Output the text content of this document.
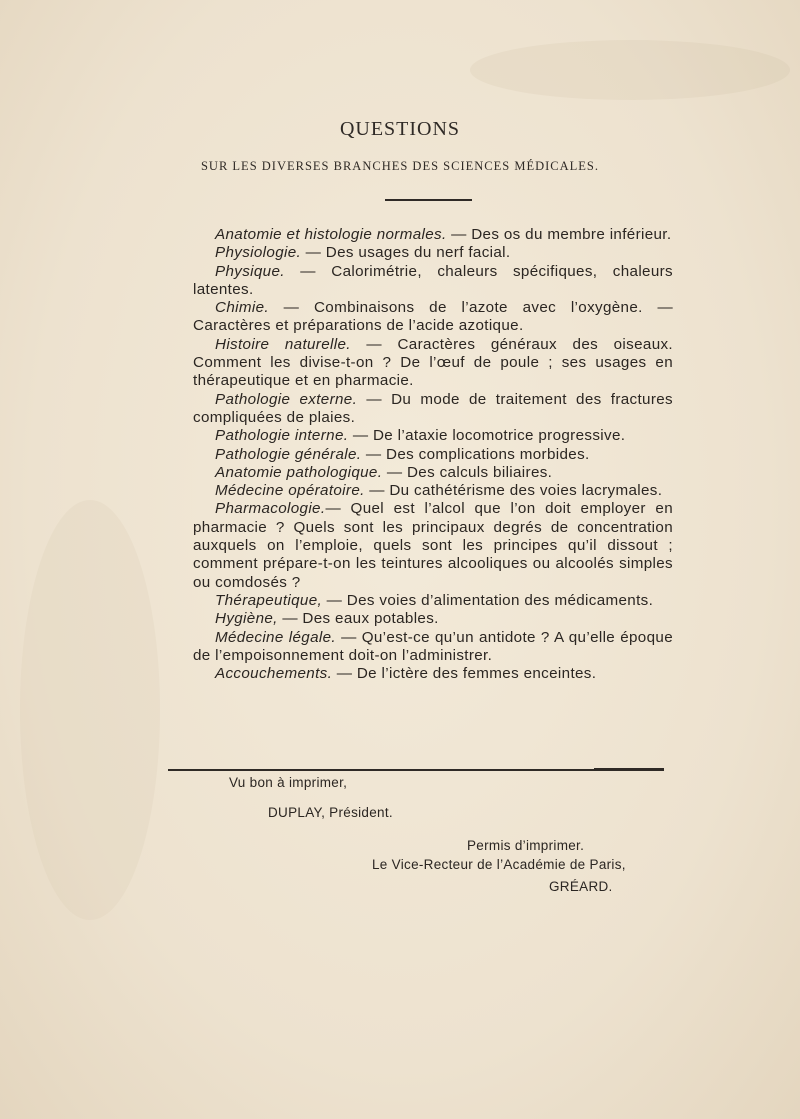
QUESTIONS
SUR LES DIVERSES BRANCHES DES SCIENCES MÉDICALES.

Anatomie et histologie normales. — Des os du membre inférieur.

Physiologie. — Des usages du nerf facial.

Physique. — Calorimétrie, chaleurs spécifiques, chaleurs latentes.

Chimie. — Combinaisons de l’azote avec l’oxygène. — Caractères et préparations de l’acide azotique.

Histoire naturelle. — Caractères généraux des oiseaux. Comment les divise-t-on ? De l’œuf de poule ; ses usages en thérapeutique et en pharmacie.

Pathologie externe. — Du mode de traitement des fractures compliquées de plaies.

Pathologie interne. — De l’ataxie locomotrice progressive.

Pathologie générale. — Des complications morbides.

Anatomie pathologique. — Des calculs biliaires.

Médecine opératoire. — Du cathétérisme des voies lacrymales.

Pharmacologie.— Quel est l’alcol que l’on doit employer en pharmacie ? Quels sont les principaux degrés de concentration auxquels on l’emploie, quels sont les principes qu’il dissout ; comment prépare-t-on les teintures alcooliques ou alcoolés simples ou comdosés ?

Thérapeutique, — Des voies d’alimentation des médicaments.

Hygiène, — Des eaux potables.

Médecine légale. — Qu’est-ce qu’un antidote ? A qu’elle époque de l’empoisonnement doit-on l’administrer.

Accouchements. — De l’ictère des femmes enceintes.

Vu bon à imprimer,
DUPLAY, Président.
Permis d’imprimer.
Le Vice-Recteur de l’Académie de Paris,
GRÉARD.
